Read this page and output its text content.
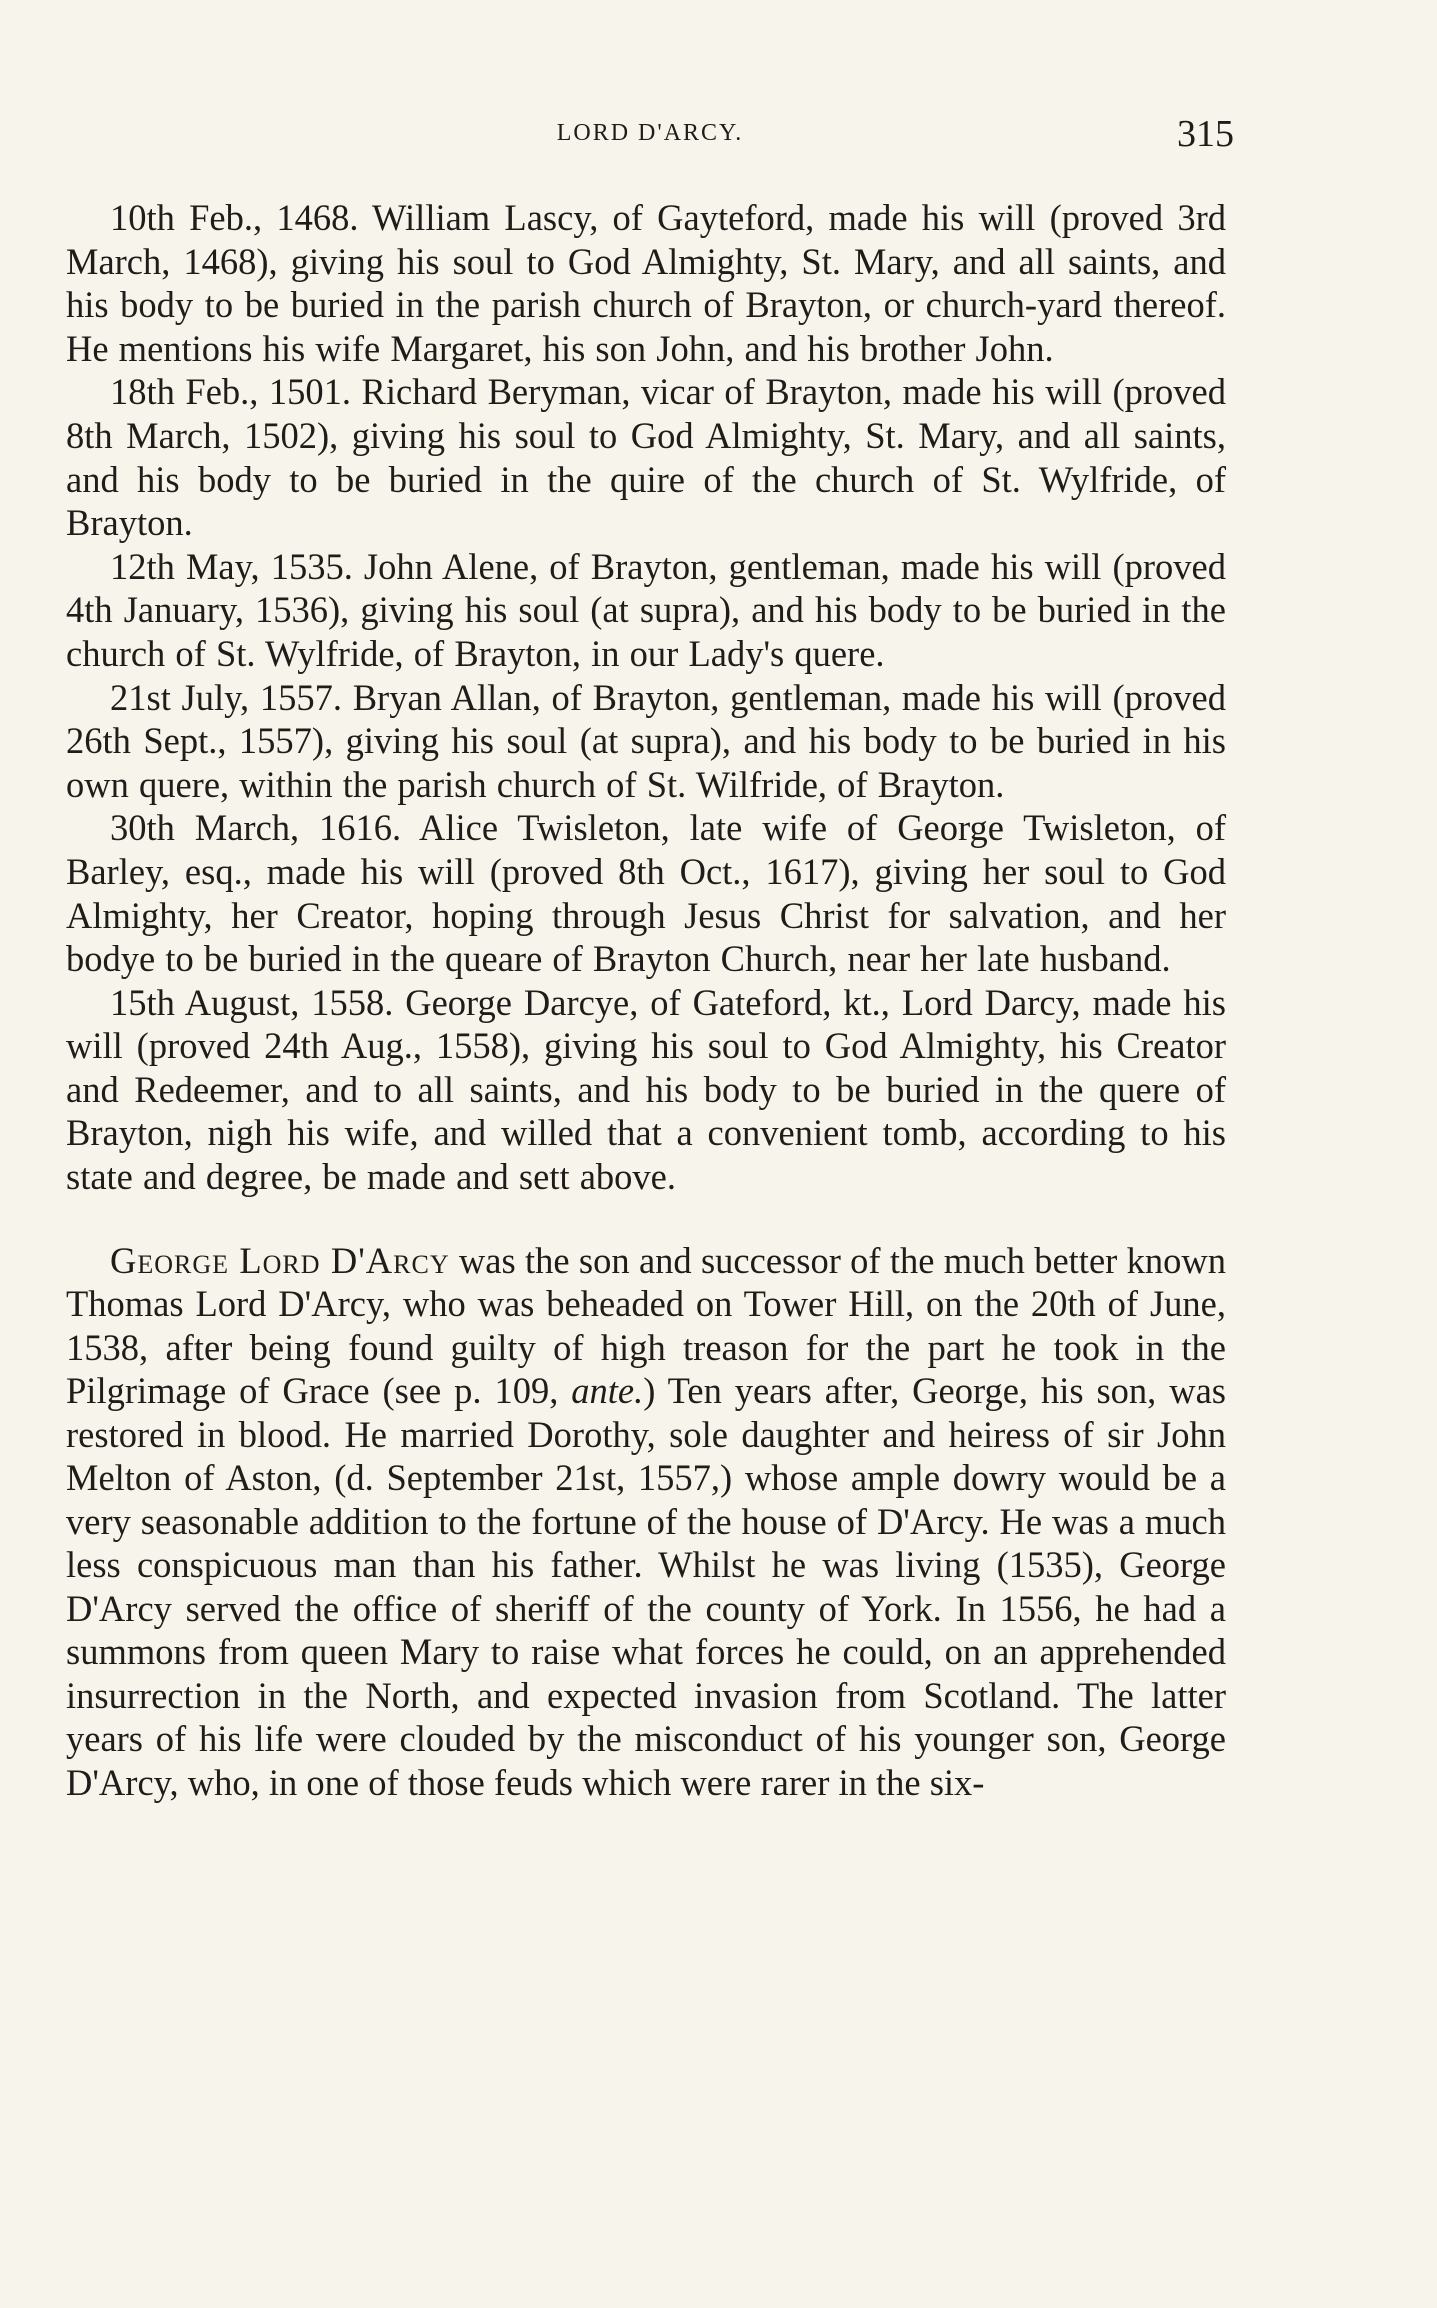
LORD D'ARCY.	315

10th Feb., 1468. William Lascy, of Gayteford, made his will (proved 3rd March, 1468), giving his soul to God Almighty, St. Mary, and all saints, and his body to be buried in the parish church of Brayton, or church-yard thereof. He mentions his wife Margaret, his son John, and his brother John.

18th Feb., 1501. Richard Beryman, vicar of Brayton, made his will (proved 8th March, 1502), giving his soul to God Almighty, St. Mary, and all saints, and his body to be buried in the quire of the church of St. Wylfride, of Brayton.

12th May, 1535. John Alene, of Brayton, gentleman, made his will (proved 4th January, 1536), giving his soul (at supra), and his body to be buried in the church of St. Wylfride, of Brayton, in our Lady's quere.

21st July, 1557. Bryan Allan, of Brayton, gentleman, made his will (proved 26th Sept., 1557), giving his soul (at supra), and his body to be buried in his own quere, within the parish church of St. Wilfride, of Brayton.

30th March, 1616. Alice Twisleton, late wife of George Twisleton, of Barley, esq., made his will (proved 8th Oct., 1617), giving her soul to God Almighty, her Creator, hoping through Jesus Christ for salvation, and her bodye to be buried in the queare of Brayton Church, near her late husband.

15th August, 1558. George Darcye, of Gateford, kt., Lord Darcy, made his will (proved 24th Aug., 1558), giving his soul to God Almighty, his Creator and Redeemer, and to all saints, and his body to be buried in the quere of Brayton, nigh his wife, and willed that a convenient tomb, according to his state and degree, be made and sett above.

George Lord D'Arcy was the son and successor of the much better known Thomas Lord D'Arcy, who was beheaded on Tower Hill, on the 20th of June, 1538, after being found guilty of high treason for the part he took in the Pilgrimage of Grace (see p. 109, ante.) Ten years after, George, his son, was restored in blood. He married Dorothy, sole daughter and heiress of sir John Melton of Aston, (d. September 21st, 1557,) whose ample dowry would be a very seasonable addition to the fortune of the house of D'Arcy. He was a much less conspicuous man than his father. Whilst he was living (1535), George D'Arcy served the office of sheriff of the county of York. In 1556, he had a summons from queen Mary to raise what forces he could, on an apprehended insurrection in the North, and expected invasion from Scotland. The latter years of his life were clouded by the misconduct of his younger son, George D'Arcy, who, in one of those feuds which were rarer in the six-
